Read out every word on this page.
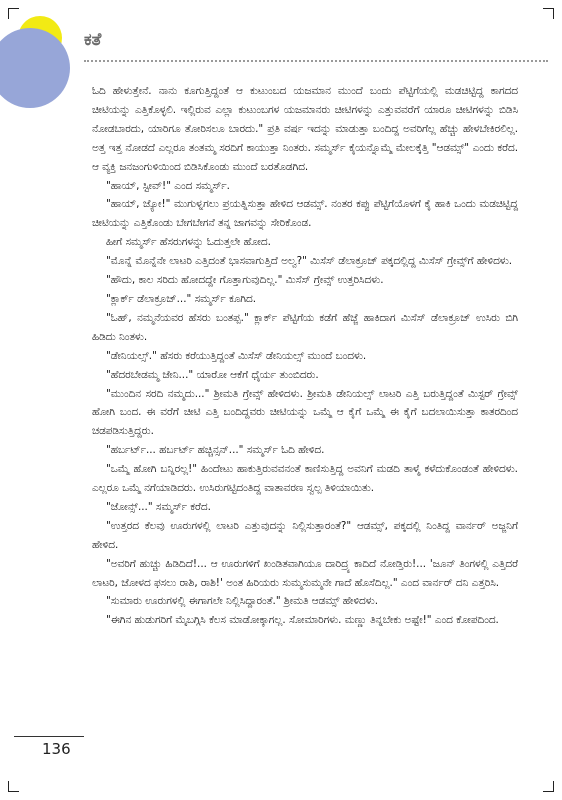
ಕತೆ

ಓದಿ ಹೇಳುತ್ತೇನೆ. ನಾನು ಕೂಗುತ್ತಿದ್ದಂತೆ ಆ ಕುಟುಂಬದ ಯಜಮಾನ ಮುಂದೆ ಬಂದು ಪೆಟ್ಟಿಗೆಯಲ್ಲಿ ಮಡಚಿಟ್ಟಿದ್ದ ಕಾಗದದ ಚೀಟಿಯನ್ನು ಎತ್ತಿಕೊಳ್ಳಲಿ. ಇಲ್ಲಿರುವ ಎಲ್ಲಾ ಕುಟುಂಬಗಳ ಯಜಮಾನರು ಚೀಟಿಗಳನ್ನು ಎತ್ತುವವರೆಗೆ ಯಾರೂ ಚೀಟಿಗಳನ್ನು ಬಿಡಿಸಿ ನೋಡಬಾರದು, ಯಾರಿಗೂ ತೋರಿಸಲೂ ಬಾರದು." ಪ್ರತಿ ವರ್ಷ ಇದನ್ನು ಮಾಡುತ್ತಾ ಬಂದಿದ್ದ ಅವರಿಗೆಲ್ಲ ಹೆಚ್ಚು ಹೇಳಬೇಕಿರಲಿಲ್ಲ. ಅತ್ತ ಇತ್ತ ನೋಡದೆ ಎಲ್ಲರೂ ತಂತಮ್ಮ ಸರದಿಗೆ ಕಾಯುತ್ತಾ ನಿಂತರು. ಸಮ್ಮರ್ಸ್ ಕೈಯನ್ನೊಮ್ಮೆ ಮೇಲಕ್ಕೆತ್ತಿ "ಆಡಮ್ಸ್" ಎಂದು ಕರೆದ. ಆ ವ್ಯಕ್ತಿ ಜನಜಂಗುಳಿಯಿಂದ ಬಿಡಿಸಿಕೊಂಡು ಮುಂದೆ ಬರತೊಡಗಿದ.

"ಹಾಯ್, ಸ್ಟೀವ್!" ಎಂದ ಸಮ್ಮರ್ಸ್.

"ಹಾಯ್, ಜ್ಯೋ!" ಮುಗುಳ್ನಗಲು ಪ್ರಯತ್ನಿಸುತ್ತಾ ಹೇಳಿದ ಆಡಮ್ಸ್. ನಂತರ ಕಪ್ಪು ಪೆಟ್ಟಿಗೆಯೊಳಗೆ ಕೈ ಹಾಕಿ ಒಂದು ಮಡಚಿಟ್ಟಿದ್ದ ಚೀಟಿಯನ್ನು ಎತ್ತಿಕೊಂಡು ಬೇಗಬೇಗನೆ ತನ್ನ ಜಾಗವನ್ನು ಸೇರಿಕೊಂಡ.

ಹೀಗೆ ಸಮ್ಮರ್ಸ್ ಹೆಸರುಗಳನ್ನು ಓದುತ್ತಲೇ ಹೋದ.

"ಮೊನ್ನೆ ಮೊನ್ನೆನೇ ಲಾಟರಿ ಎತ್ತಿದಂತೆ ಭಾಸವಾಗುತ್ತಿದೆ ಅಲ್ವ?" ಮಿಸೆಸ್ ಡೆಲಾಕ್ರೂಜ್ ಪಕ್ಕದಲ್ಲಿದ್ದ ಮಿಸೆಸ್ ಗ್ರೇವ್ಸ್‌ಗೆ ಹೇಳಿದಳು.

"ಹೌದು, ಕಾಲ ಸರಿದು ಹೋದದ್ದೇ ಗೊತ್ತಾಗುವುದಿಲ್ಲ." ಮಿಸೆಸ್ ಗ್ರೇವ್ಸ್ ಉತ್ತರಿಸಿದಳು.

"ಕ್ಲಾರ್ಕ್ ಡೆಲಾಕ್ರೂಜ್..." ಸಮ್ಮರ್ಸ್ ಕೂಗಿದ.

"ಓಹ್, ನಮ್ಮನೆಯವರ ಹೆಸರು ಬಂತಪ್ಪ." ಕ್ಲಾರ್ಕ್ ಪೆಟ್ಟಿಗೆಯ ಕಡೆಗೆ ಹೆಜ್ಜೆ ಹಾಕಿದಾಗ ಮಿಸೆಸ್ ಡೆಲಾಕ್ರೂಜ್ ಉಸಿರು ಬಿಗಿ ಹಿಡಿದು ನಿಂತಳು.

"ಡೇನಿಯಲ್ಸ್." ಹೆಸರು ಕರೆಯುತ್ತಿದ್ದಂತೆ ಮಿಸೆಸ್ ಡೇನಿಯಲ್ಸ್ ಮುಂದೆ ಬಂದಳು.

"ಹೆದರಬೇಡಮ್ಮ ಜೇನಿ..." ಯಾರೋ ಆಕೆಗೆ ಧೈರ್ಯ ತುಂಬಿದರು.

"ಮುಂದಿನ ಸರದಿ ನಮ್ಮದು..." ಶ್ರೀಮತಿ ಗ್ರೇವ್ಸ್ ಹೇಳಿದಳು. ಶ್ರೀಮತಿ ಡೇನಿಯಲ್ಸ್ ಲಾಟರಿ ಎತ್ತಿ ಬರುತ್ತಿದ್ದಂತೆ ಮಿಸ್ಟರ್ ಗ್ರೇವ್ಸ್ ಹೋಗಿ ಬಂದ. ಈ ವರೆಗೆ ಚೀಟಿ ಎತ್ತಿ ಬಂದಿದ್ದವರು ಚೀಟಿಯನ್ನು ಒಮ್ಮೆ ಆ ಕೈಗೆ ಒಮ್ಮೆ ಈ ಕೈಗೆ ಬದಲಾಯಿಸುತ್ತಾ ಕಾತರದಿಂದ ಚಡಪಡಿಸುತ್ತಿದ್ದರು.

"ಹರ್ಬರ್ಟ್... ಹರ್ಬರ್ಟ್ ಹಚ್ಚಿನ್ಸನ್..." ಸಮ್ಮರ್ಸ್ ಓದಿ ಹೇಳಿದ.

"ಒಮ್ಮೆ ಹೋಗಿ ಬನ್ನಿರಲ್ಲ!" ಹಿಂದೇಟು ಹಾಕುತ್ತಿರುವವನಂತೆ ಕಾಣಿಸುತ್ತಿದ್ದ ಅವನಿಗೆ ಮಡದಿ ತಾಳ್ಮೆ ಕಳೆದುಕೊಂಡಂತೆ ಹೇಳಿದಳು. ಎಲ್ಲರೂ ಒಮ್ಮೆ ನಗೆಯಾಡಿದರು. ಉಸಿರುಗಟ್ಟಿದಂತಿದ್ದ ವಾತಾವರಣ ಸ್ವಲ್ಪ ತಿಳಿಯಾಯಿತು.

"ಜೋನ್ಸ್..." ಸಮ್ಮರ್ಸ್ ಕರೆದ.

"ಉತ್ತರದ ಕೆಲವು ಊರುಗಳಲ್ಲಿ ಲಾಟರಿ ಎತ್ತುವುದನ್ನು ನಿಲ್ಲಿಸುತ್ತಾರಂತೆ?" ಆಡಮ್ಸ್, ಪಕ್ಕದಲ್ಲಿ ನಿಂತಿದ್ದ ವಾರ್ನರ್ ಅಜ್ಜನಿಗೆ ಹೇಳಿದ.

"ಅವರಿಗೆ ಹುಚ್ಚು ಹಿಡಿದಿದೆ!... ಆ ಊರುಗಳಿಗೆ ಖಂಡಿತವಾಗಿಯೂ ದಾರಿದ್ರ್ಯ ಕಾದಿದೆ ನೋಡ್ತಿರು!... 'ಜೂನ್ ತಿಂಗಳಲ್ಲಿ ಎತ್ತಿದರೆ ಲಾಟರಿ, ಜೋಳದ ಫಸಲು ರಾಶಿ, ರಾಶಿ!' ಅಂತ ಹಿರಿಯರು ಸುಮ್ಮಸುಮ್ಮನೇ ಗಾದೆ ಹೊಸೆದಿಲ್ಲ." ಎಂದ ವಾರ್ನರ್ ದನಿ ಎತ್ತರಿಸಿ.

"ಸುಮಾರು ಊರುಗಳಲ್ಲಿ ಈಗಾಗಲೇ ನಿಲ್ಲಿಸಿದ್ದಾರಂತೆ." ಶ್ರೀಮತಿ ಆಡಮ್ಸ್ ಹೇಳಿದಳು.

"ಈಗಿನ ಹುಡುಗರಿಗೆ ಮೈಬಗ್ಗಿಸಿ ಕೆಲಸ ಮಾಡೋಕ್ಕಾಗಲ್ಲ. ಸೋಮಾರಿಗಳು. ಮಣ್ಣು ತಿನ್ನಬೇಕು ಅಷ್ಟೇ!" ಎಂದ ಕೋಪದಿಂದ.

136
